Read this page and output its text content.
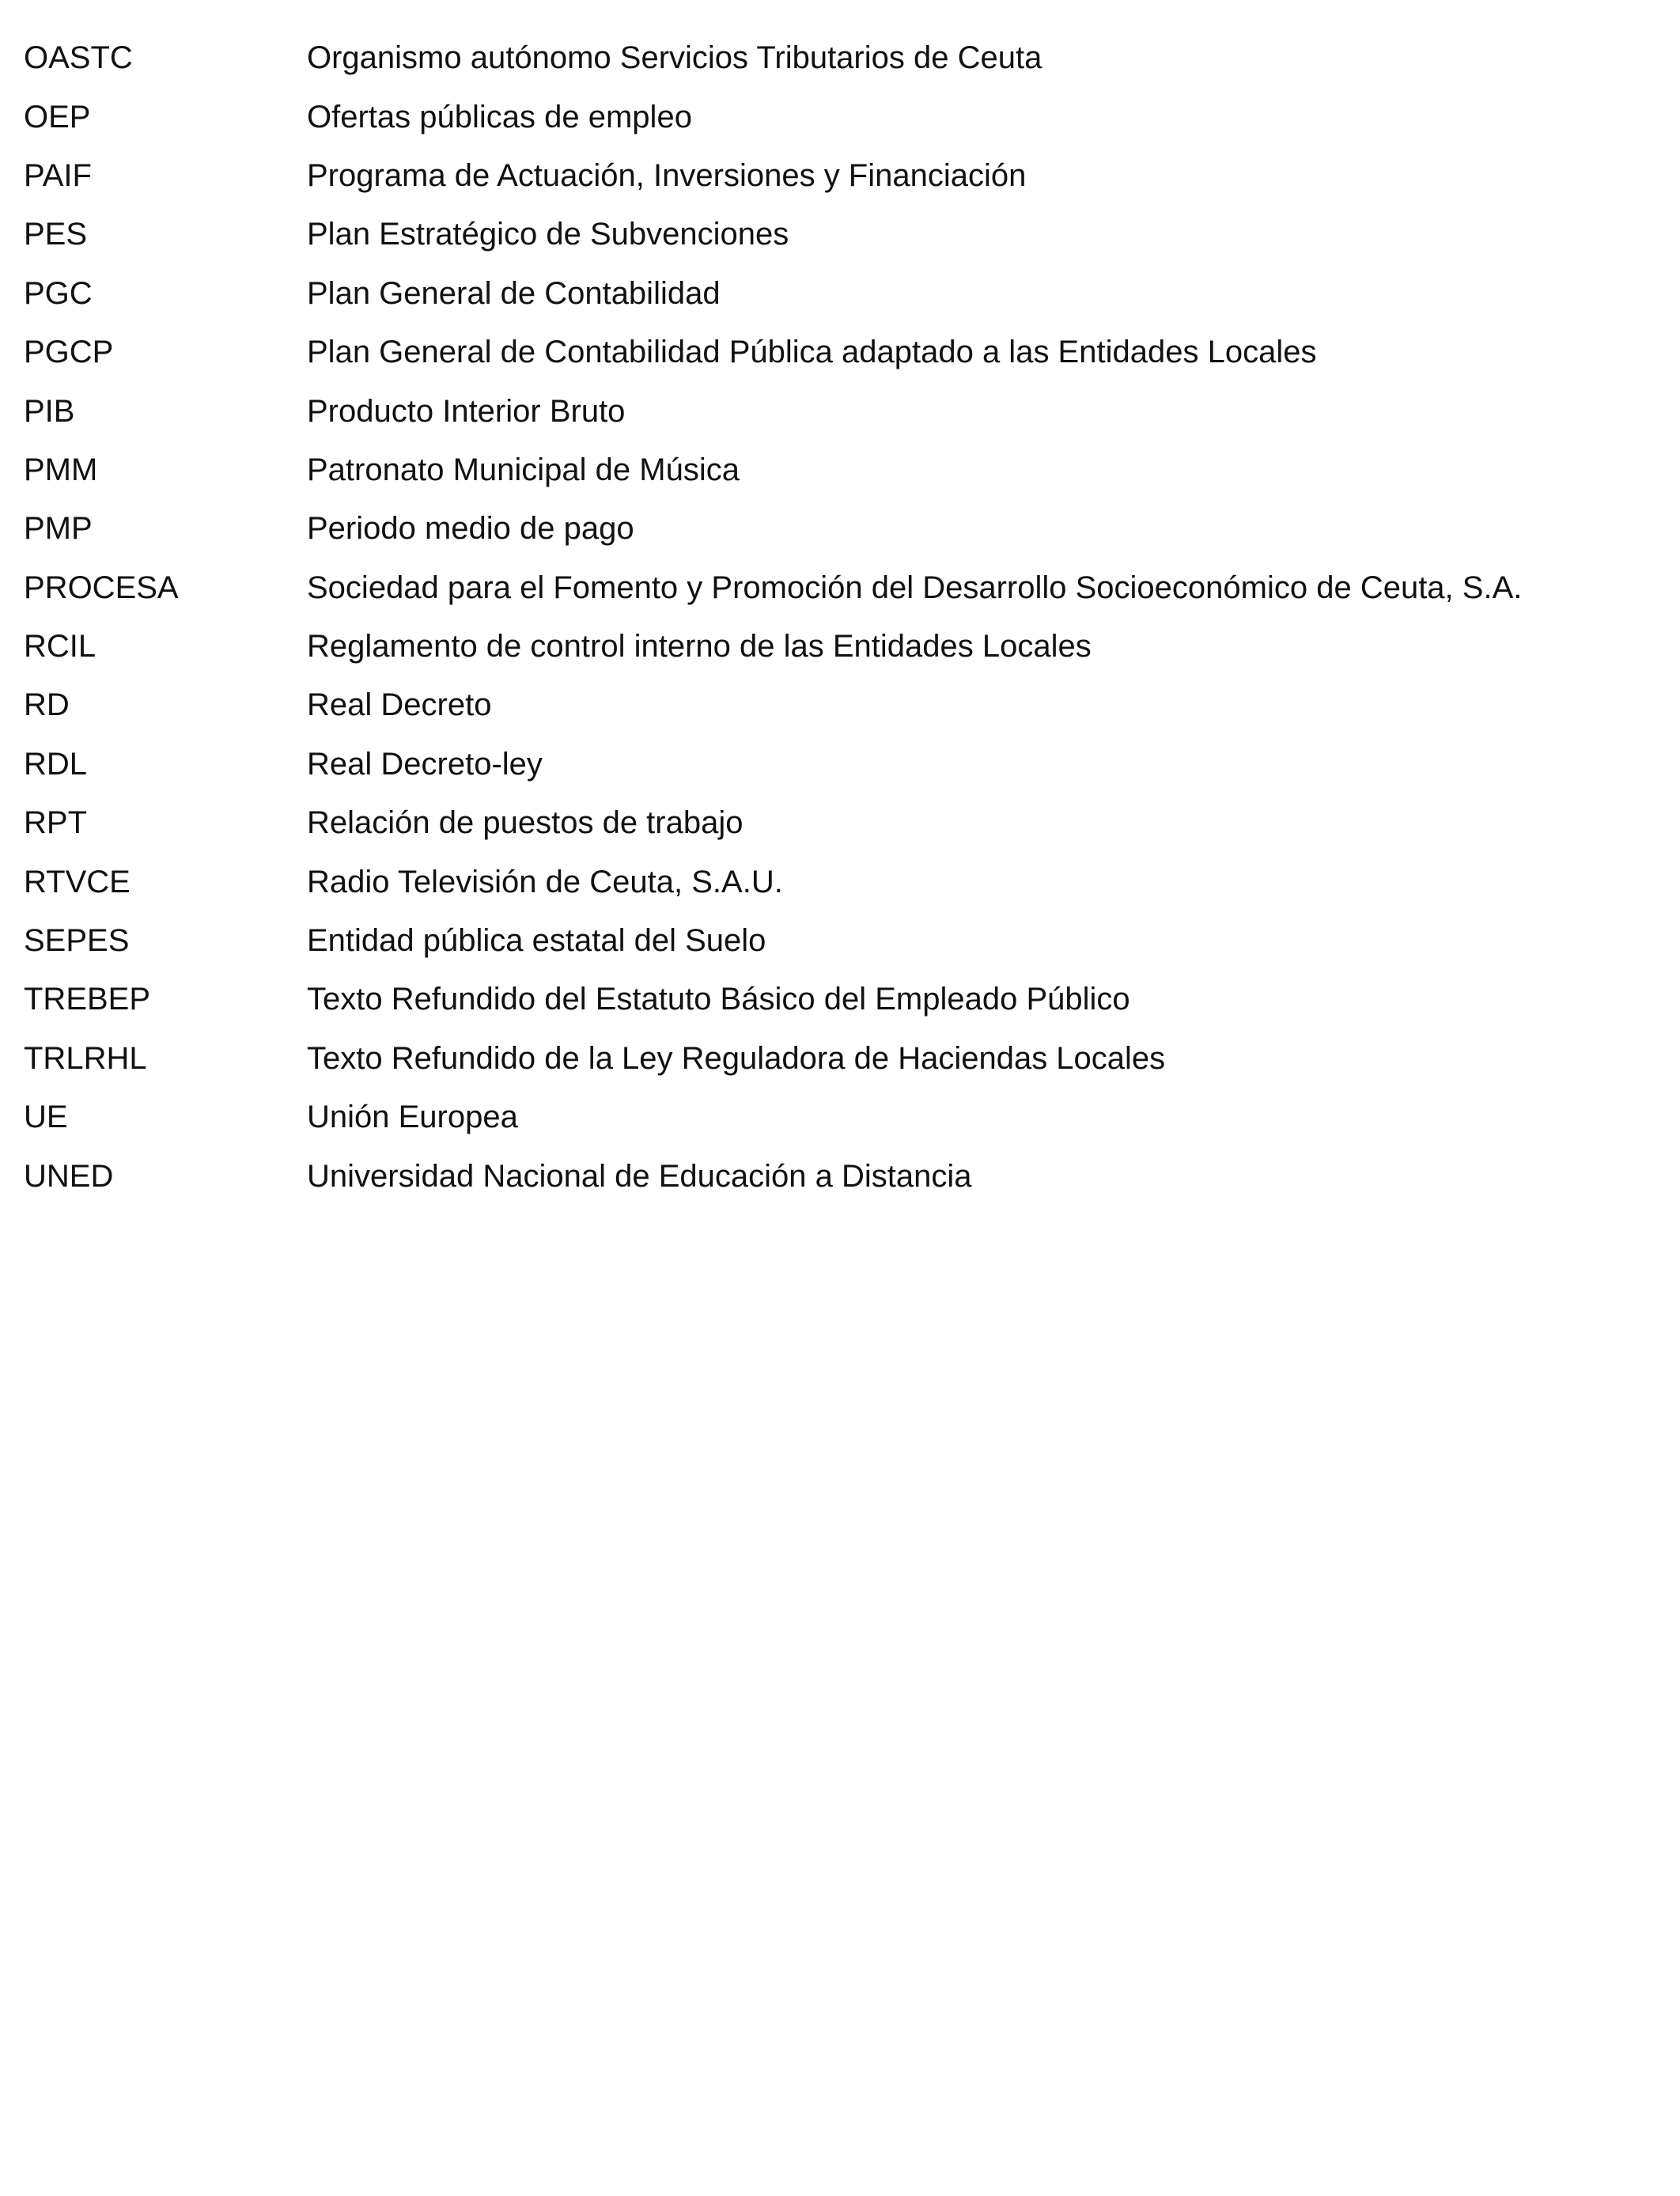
OASTC	Organismo autónomo Servicios Tributarios de Ceuta
OEP	Ofertas públicas de empleo
PAIF	Programa de Actuación, Inversiones y Financiación
PES	Plan Estratégico de Subvenciones
PGC	Plan General de Contabilidad
PGCP	Plan General de Contabilidad Pública adaptado a las Entidades Locales
PIB	Producto Interior Bruto
PMM	Patronato Municipal de Música
PMP	Periodo medio de pago
PROCESA	Sociedad para el Fomento y Promoción del Desarrollo Socioeconómico de Ceuta, S.A.
RCIL	Reglamento de control interno de las Entidades Locales
RD	Real Decreto
RDL	Real Decreto-ley
RPT	Relación de puestos de trabajo
RTVCE	Radio Televisión de Ceuta, S.A.U.
SEPES	Entidad pública estatal del Suelo
TREBEP	Texto Refundido del Estatuto Básico del Empleado Público
TRLRHL	Texto Refundido de la Ley Reguladora de Haciendas Locales
UE	Unión Europea
UNED	Universidad Nacional de Educación a Distancia
